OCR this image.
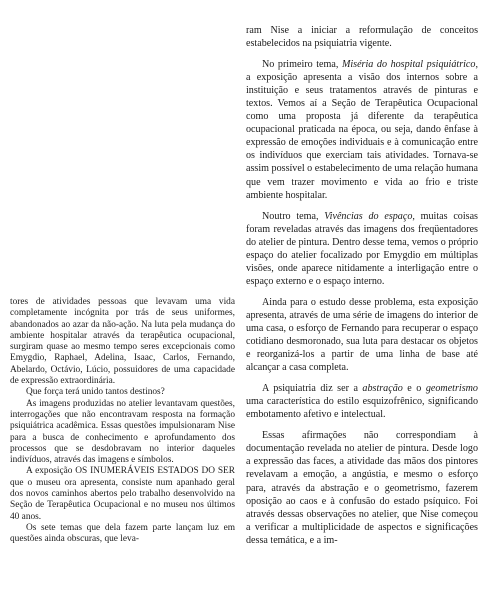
tores de atividades pessoas que levavam uma vida completamente incógnita por trás de seus uniformes, abandonados ao azar da não-ação. Na luta pela mudança do ambiente hospitalar através da terapêutica ocupacional, surgiram quase ao mesmo tempo seres excepcionais como Emygdio, Raphael, Adelina, Isaac, Carlos, Fernando, Abelardo, Octávio, Lúcio, possuidores de uma capacidade de expressão extraordinária.

Que força terá unido tantos destinos?

As imagens produzidas no atelier levantavam questões, interrogações que não encontravam resposta na formação psiquiátrica acadêmica. Essas questões impulsionaram Nise para a busca de conhecimento e aprofundamento dos processos que se desdobravam no interior daqueles indivíduos, através das imagens e símbolos.

A exposição OS INUMERÁVEIS ESTADOS DO SER que o museu ora apresenta, consiste num apanhado geral dos novos caminhos abertos pelo trabalho desenvolvido na Seção de Terapêutica Ocupacional e no museu nos últimos 40 anos.

Os sete temas que dela fazem parte lançam luz em questões ainda obscuras, que leva-

ram Nise a iniciar a reformulação de conceitos estabelecidos na psiquiatria vigente.

No primeiro tema, Miséria do hospital psiquiátrico, a exposição apresenta a visão dos internos sobre a instituição e seus tratamentos através de pinturas e textos. Vemos aí a Seção de Terapêutica Ocupacional como uma proposta já diferente da terapêutica ocupacional praticada na época, ou seja, dando ênfase à expressão de emoções individuais e à comunicação entre os indivíduos que exerciam tais atividades. Tornava-se assim possível o estabelecimento de uma relação humana que vem trazer movimento e vida ao frio e triste ambiente hospitalar.

Noutro tema, Vivências do espaço, muitas coisas foram reveladas através das imagens dos freqüentadores do atelier de pintura. Dentro desse tema, vemos o próprio espaço do atelier focalizado por Emygdio em múltiplas visões, onde aparece nitidamente a interligação entre o espaço externo e o espaço interno.

Ainda para o estudo desse problema, esta exposição apresenta, através de uma série de imagens do interior de uma casa, o esforço de Fernando para recuperar o espaço cotidiano desmoronado, sua luta para destacar os objetos e reorganizá-los a partir de uma linha de base até alcançar a casa completa.

A psiquiatria diz ser a abstração e o geometrismo uma característica do estilo esquizofrênico, significando embotamento afetivo e intelectual.

Essas afirmações não correspondiam à documentação revelada no atelier de pintura. Desde logo a expressão das faces, a atividade das mãos dos pintores revelavam a emoção, a angústia, e mesmo o esforço para, através da abstração e o geometrismo, fazerem oposição ao caos e à confusão do estado psíquico. Foi através dessas observações no atelier, que Nise começou a verificar a multiplicidade de aspectos e significações dessa temática, e a im-
